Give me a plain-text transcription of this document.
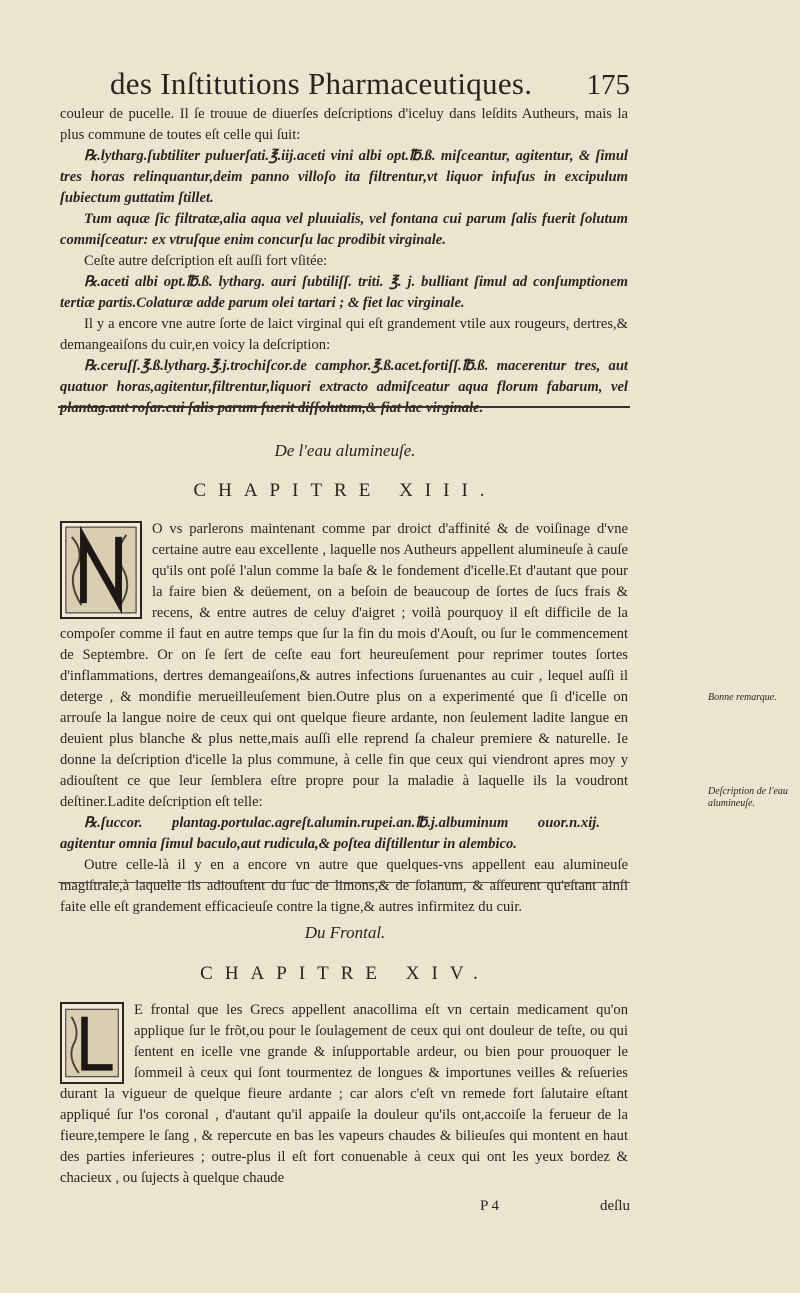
des Inſtitutions Pharmaceutiques. 175

couleur de pucelle. Il ſe trouue de diuerſes deſcriptions d'iceluy dans leſdits Autheurs, mais la plus commune de toutes eſt celle qui ſuit:

℞.lytharg.ſubtiliter puluerſati.℥.iij.aceti vini albi opt.℔.ß. miſceantur, agitentur, & ſimul tres horas relinquantur,deim panno villoſo ita filtrentur,vt liquor infuſus in excipulum ſubiectum guttatim ſtillet.

Tum aquæ ſic filtratæ,alia aqua vel pluuialis, vel fontana cui parum ſalis fuerit ſolutum commiſceatur: ex vtruſque enim concurſu lac prodibit virginale.

Ceſte autre deſcription eſt auſſi fort vſitée:

℞.aceti albi opt.℔.ß. lytharg. auri ſubtiliſſ. triti. ℥. j. bulliant ſimul ad conſumptionem tertiæ partis.Colaturæ adde parum olei tartari ; & fiet lac virginale.

Il y a encore vne autre ſorte de laict virginal qui eſt grandement vtile aux rougeurs, dertres,& demangeaiſons du cuir,en voicy la deſcription:

℞.ceruſſ.℥.ß.lytharg.℥.j.trochiſcor.de camphor.℥.ß.acet.fortiſſ.℔.ß. macerentur tres, aut quatuor horas,agitentur,filtrentur,liquori extracto admiſceatur aqua florum fabarum, vel plantag.aut roſar.cui ſalis parum fuerit diſſolutum,& fiat lac virginale.

De l'eau alumineuſe.
CHAPITRE XIII.

O vs parlerons maintenant comme par droict d'affinité & de voiſinage d'vne certaine autre eau excellente , laquelle nos Autheurs appellent alumineuſe à cauſe qu'ils ont poſé l'alun comme la baſe & le fondement d'icelle.Et d'autant que pour la faire bien & deüement, on a beſoin de beaucoup de ſortes de ſucs frais & recens, & entre autres de celuy d'aigret ; voilà pourquoy il eſt difficile de la compoſer comme il faut en autre temps que ſur la fin du mois d'Aouſt, ou ſur le commencement de Septembre. Or on ſe ſert de ceſte eau fort heureuſement pour reprimer toutes ſortes d'inflammations, dertres demangeaiſons,& autres infections ſuruenantes au cuir , lequel auſſi il deterge , & mondifie merueilleuſement bien.Outre plus on a experimenté que ſi d'icelle on arrouſe la langue noire de ceux qui ont quelque fieure ardante, non ſeulement ladite langue en deuient plus blanche & plus nette,mais auſſi elle reprend ſa chaleur premiere & naturelle. Ie donne la deſcription d'icelle la plus commune, à celle fin que ceux qui viendront apres moy y adiouſtent ce que leur ſemblera eſtre propre pour la maladie à laquelle ils la voudront deſtiner.Ladite deſcription eſt telle:

℞.ſuccor. plantag.portulac.agreſt.alumin.rupei.an.℔.j.albuminum ouor.n.xij. agitentur omnia ſimul baculo,aut rudicula,& poſtea diſtillentur in alembico.

Outre celle-là il y en a encore vn autre que quelques-vns appellent eau alumineuſe magiſtrale,à laquelle ils adiouſtent du ſuc de limons,& de ſolanum, & aſſeurent qu'eſtant ainſi faite elle eſt grandement efficacieuſe contre la tigne,& autres infirmitez du cuir.

Bonne remarque.
Deſcription de l'eau alumineuſe.
Du Frontal.
CHAPITRE XIV.

E frontal que les Grecs appellent anacollima eſt vn certain medicament qu'on applique ſur le frõt,ou pour le ſoulagement de ceux qui ont douleur de teſte, ou qui ſentent en icelle vne grande & inſupportable ardeur, ou bien pour prouoquer le ſommeil à ceux qui ſont tourmentez de longues & importunes veilles & reſueries durant la vigueur de quelque fieure ardante ; car alors c'eſt vn remede fort ſalutaire eſtant appliqué ſur l'os coronal , d'autant qu'il appaiſe la douleur qu'ils ont,accoiſe la ferueur de la fieure,tempere le ſang , & repercute en bas les vapeurs chaudes & bilieuſes qui montent en haut des parties inferieures ; outre-plus il eſt fort conuenable à ceux qui ont les yeux bordez & chacieux , ou ſujects à quelque chaude

P 4	deſlu
